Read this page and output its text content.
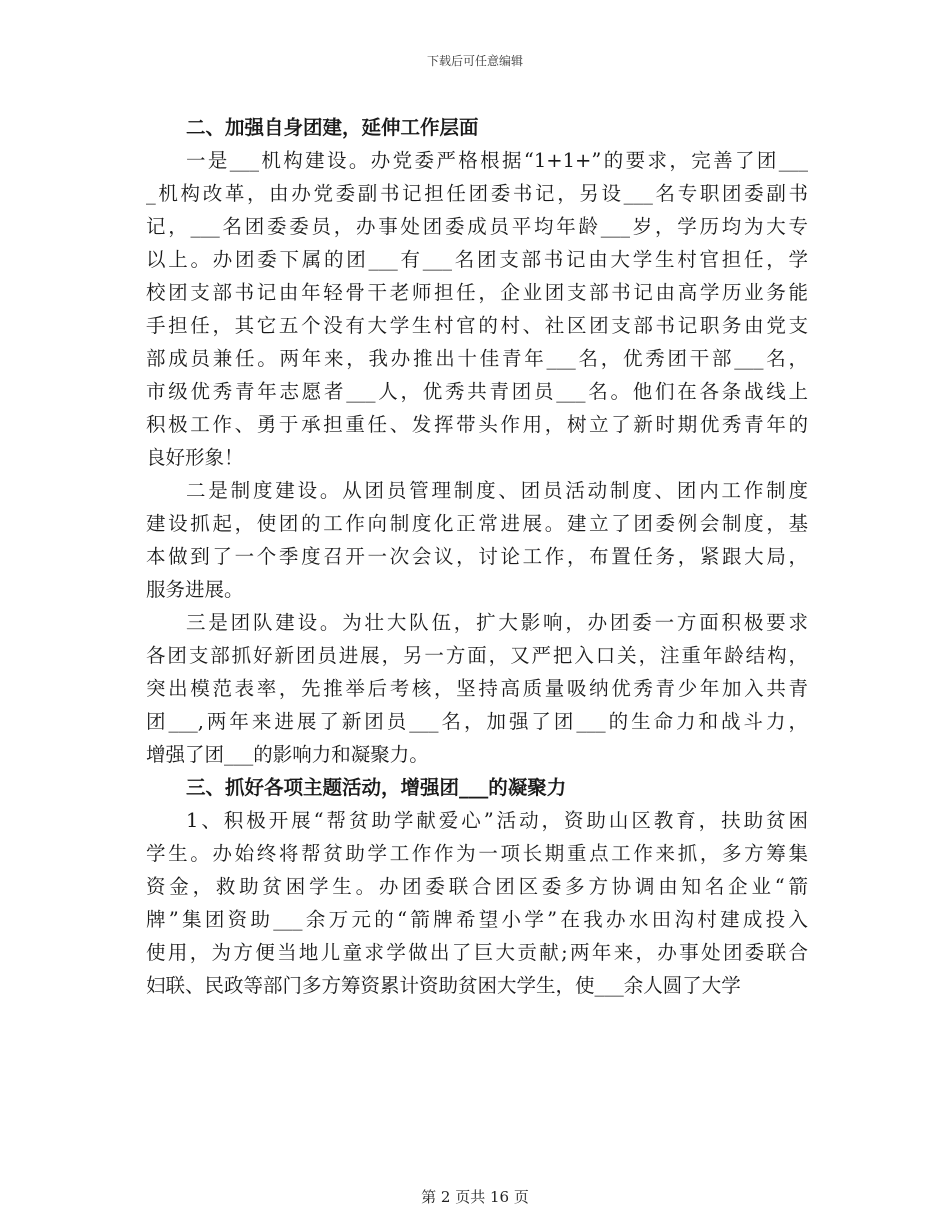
下载后可任意编辑
二、加强自身团建，延伸工作层面
一是___机构建设。办党委严格根据“1+1+”的要求，完善了团___
_机构改革，由办党委副书记担任团委书记，另设___名专职团委副书
记，___名团委委员，办事处团委成员平均年龄___岁，学历均为大专
以上。办团委下属的团___有___名团支部书记由大学生村官担任，学
校团支部书记由年轻骨干老师担任，企业团支部书记由高学历业务能
手担任，其它五个没有大学生村官的村、社区团支部书记职务由党支
部成员兼任。两年来，我办推出十佳青年___名，优秀团干部___名，
市级优秀青年志愿者___人，优秀共青团员___名。他们在各条战线上
积极工作、勇于承担重任、发挥带头作用，树立了新时期优秀青年的
良好形象！
二是制度建设。从团员管理制度、团员活动制度、团内工作制度
建设抓起，使团的工作向制度化正常进展。建立了团委例会制度，基
本做到了一个季度召开一次会议，讨论工作，布置任务，紧跟大局，
服务进展。
三是团队建设。为壮大队伍，扩大影响，办团委一方面积极要求
各团支部抓好新团员进展，另一方面，又严把入口关，注重年龄结构，
突出模范表率，先推举后考核，坚持高质量吸纳优秀青少年加入共青
团___,两年来进展了新团员___名，加强了团___的生命力和战斗力，
增强了团___的影响力和凝聚力。
三、抓好各项主题活动，增强团___的凝聚力
1、积极开展“帮贫助学献爱心”活动，资助山区教育，扶助贫困
学生。办始终将帮贫助学工作作为一项长期重点工作来抓，多方筹集
资金，救助贫困学生。办团委联合团区委多方协调由知名企业“箭
牌”集团资助___余万元的“箭牌希望小学”在我办水田沟村建成投入
使用，为方便当地儿童求学做出了巨大贡献;两年来，办事处团委联合
妇联、民政等部门多方筹资累计资助贫困大学生，使___余人圆了大学
第 2 页共 16 页
